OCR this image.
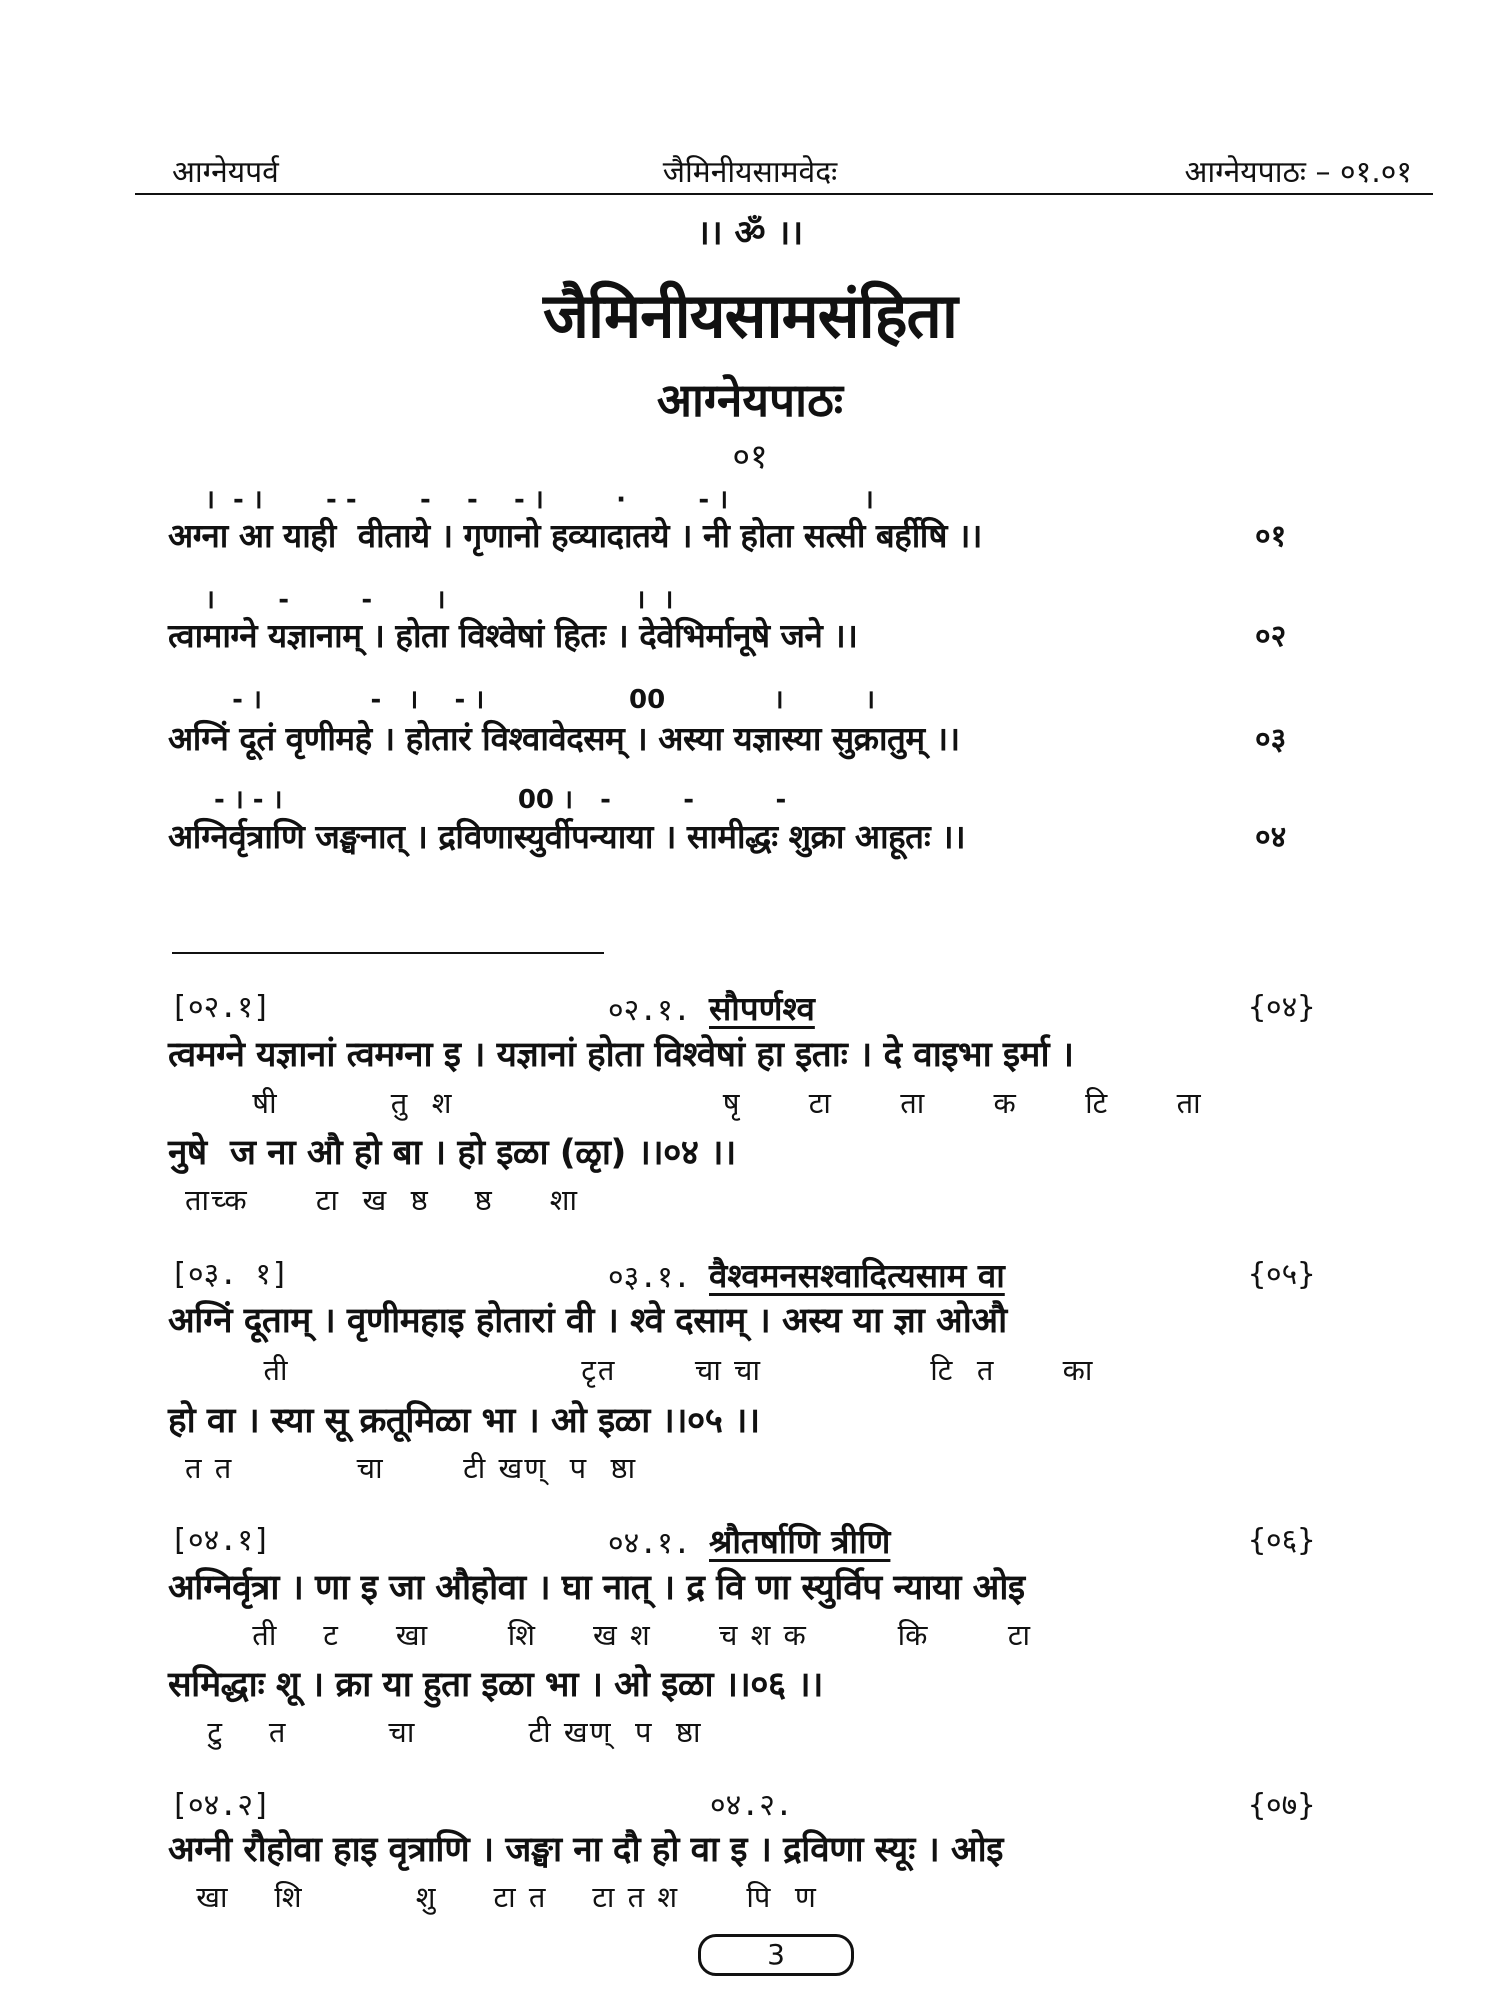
आग्नेयपर्व	जैमिनीयसामवेदः	आग्नेयपाठः – ०१.०१
।। ॐ ।।
जैमिनीयसामसंहिता
आग्नेयपाठः
०१
।  - ।       - -       -    -    - ।        ·        - ।               ।
अग्ना आ याही  वीताये । गृणानो हव्यादातये । नी होता सत्सी बर्हीषि ।।	०१
।       -        -       ।                     ।  ।
त्वामाग्ने यज्ञानाम् । होता विश्वेषां हितः । देवेभिर्मानूषे जने ।।	०२
- ।            -   ।    - ।                00            ।         ।
अग्निं दूतं वृणीमहे । होतारं विश्वावेदसम् । अस्या यज्ञास्या सुक्रातुम् ।।	०३
- । - ।                          00 ।   -        -         -
अग्निर्वृत्राणि जङ्घनात् । द्रविणास्युर्वीपन्याया । सामीद्धः शुक्रा आहूतः ।।	०४
[०२.१]	०२.१. सौपर्णश्व	{०४}
त्वमग्ने यज्ञानां त्वमग्ना इ । यज्ञानां होता विश्वेषां हा इताः । दे वाइभा इर्मा ।
षी          तु  श                        षृ      टा      ता      क      टि      ता
नुषे  ज ना औ हो बा । हो इळा (ळृा) ।।०४ ।।
ताच्क      टा  ख  ष्ठ    ष्ठ     शा
[०३. १]	०३.१. वैश्वमनसश्वादित्यसाम वा	{०५}
अग्निं दूताम् । वृणीमहाइ होतारां वी । श्वे दसाम् । अस्य या ज्ञा ओऔ
ती                          टृत       चा चा               टि  त      का
हो वा । स्या सू क्रतूमिळा भा । ओ इळा ।।०५ ।।
त त           चा       टी खण्  प  ष्ठा
[०४.१]	०४.१. श्रौतर्षाणि त्रीणि	{०६}
अग्निर्वृत्रा । णा इ जा औहोवा । घा नात् । द्र वि णा स्युर्विप न्याया ओइ
ती    ट     खा       शि     ख श      च श क        कि       टा
समिद्धाः शू । क्रा या हुता इळा भा । ओ इळा ।।०६ ।।
टु    त         चा          टी खण्  प  ष्ठा
[०४.२]	०४.२.	{०७}
अग्नी रौहोवा हाइ वृत्राणि । जङ्घा ना दौ हो वा इ । द्रविणा स्यूः । ओइ
खा    शि          शु     टा त    टा त श      पि  ण
3
